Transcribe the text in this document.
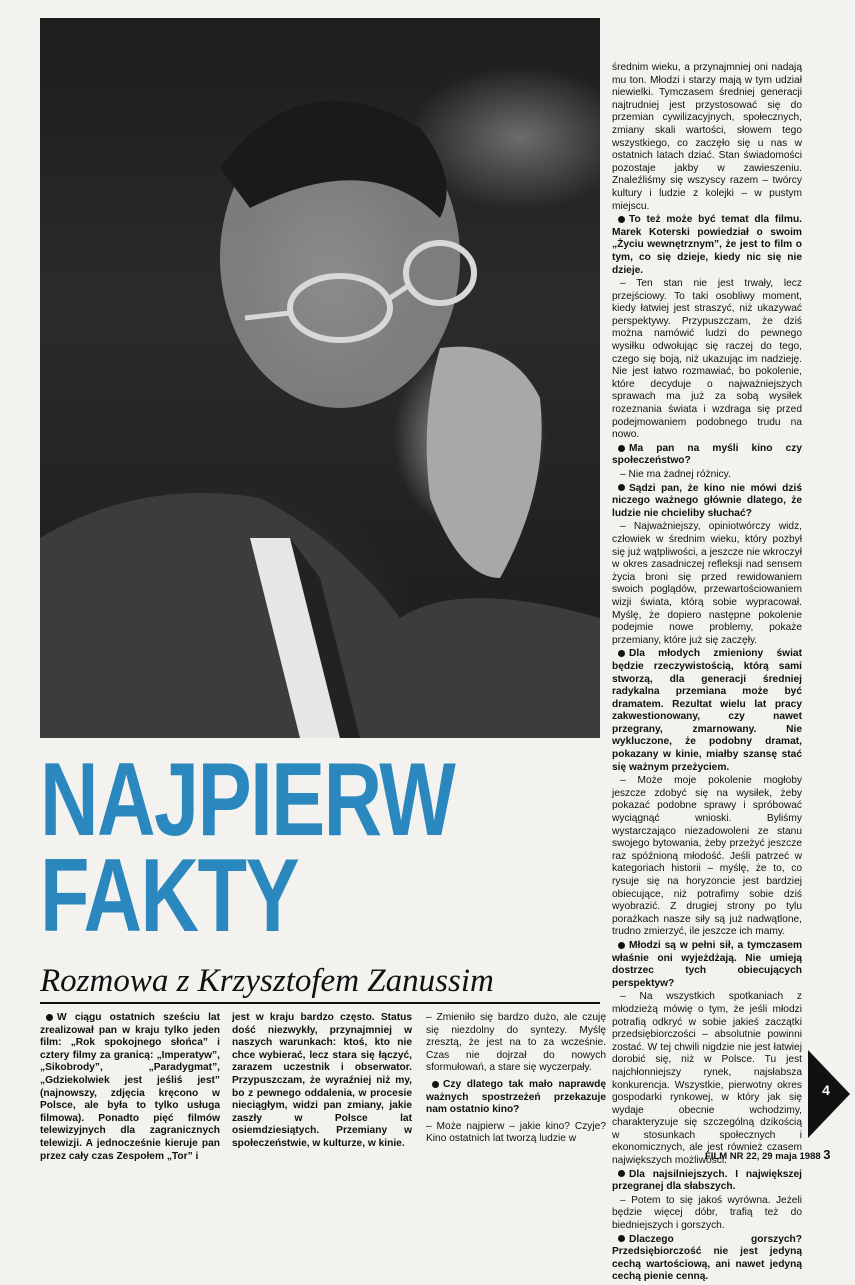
średnim wieku, a przynajmniej oni nadają mu ton. Młodzi i starzy mają w tym udział niewielki. Tymczasem średniej generacji najtrudniej jest przystosować się do przemian cywilizacyjnych, społecznych, zmiany skali wartości, słowem tego wszystkiego, co zaczęło się u nas w ostatnich latach dziać. Stan świadomości pozostaje jakby w zawieszeniu. Znaleźliśmy się wszyscy razem – twórcy kultury i ludzie z kolejki – w pustym miejscu.

To też może być temat dla filmu. Marek Koterski powiedział o swoim „Życiu wewnętrznym”, że jest to film o tym, co się dzieje, kiedy nic się nie dzieje.

– Ten stan nie jest trwały, lecz przejściowy. To taki osobliwy moment, kiedy łatwiej jest straszyć, niż ukazywać perspektywy. Przypuszczam, że dziś można namówić ludzi do pewnego wysiłku odwołując się raczej do tego, czego się boją, niż ukazując im nadzieję. Nie jest łatwo rozmawiać, bo pokolenie, które decyduje o najważniejszych sprawach ma już za sobą wysiłek rozeznania świata i wzdraga się przed podejmowaniem podobnego trudu na nowo.

Ma pan na myśli kino czy społeczeństwo?

– Nie ma żadnej różnicy.

Sądzi pan, że kino nie mówi dziś niczego ważnego głównie dlatego, że ludzie nie chcieliby słuchać?

– Najważniejszy, opiniotwórczy widz, człowiek w średnim wieku, który pozbył się już wątpliwości, a jeszcze nie wkroczył w okres zasadniczej refleksji nad sensem życia broni się przed rewidowaniem swoich poglądów, przewartościowaniem wizji świata, którą sobie wypracował. Myślę, że dopiero następne pokolenie podejmie nowe problemy, pokaże przemiany, które już się zaczęły.

Dla młodych zmieniony świat będzie rzeczywistością, którą sami stworzą, dla generacji średniej radykalna przemiana może być dramatem. Rezultat wielu lat pracy zakwestionowany, czy nawet przegrany, zmarnowany. Nie wykluczone, że podobny dramat, pokazany w kinie, miałby szansę stać się ważnym przeżyciem.

– Może moje pokolenie mogłoby jeszcze zdobyć się na wysiłek, żeby pokazać podobne sprawy i spróbować wyciągnąć wnioski. Byliśmy wystarczająco niezadowoleni ze stanu swojego bytowania, żeby przeżyć jeszcze raz spóźnioną młodość. Jeśli patrzeć w kategoriach historii – myślę, że to, co rysuje się na horyzoncie jest bardziej obiecujące, niż potrafimy sobie dziś wyobrazić. Z drugiej strony po tylu porażkach nasze siły są już nadwątlone, trudno zmierzyć, ile jeszcze ich mamy.

Młodzi są w pełni sił, a tymczasem właśnie oni wyjeżdżają. Nie umieją dostrzec tych obiecujących perspektyw?

– Na wszystkich spotkaniach z młodzieżą mówię o tym, że jeśli młodzi potrafią odkryć w sobie jakieś zaczątki przedsiębiorczości – absolutnie powinni zostać. W tej chwili nigdzie nie jest łatwiej dorobić się, niż w Polsce. Tu jest najchłonniejszy rynek, najsłabsza konkurencja. Wszystkie, pierwotny okres gospodarki rynkowej, w który jak się wydaje obecnie wchodzimy, charakteryzuje się szczególną dzikością w stosunkach społecznych i ekonomicznych, ale jest również czasem największych możliwości.

Dla najsilniejszych. I największej przegranej dla słabszych.

– Potem to się jakoś wyrówna. Jeżeli będzie więcej dóbr, trafią też do biedniejszych i gorszych.

Dlaczego gorszych? Przedsiębiorczość nie jest jedyną cechą wartościową, ani nawet jedyną cechą pienie cenną.

NAJPIERW
FAKTY
Rozmowa z Krzysztofem Zanussim

W ciągu ostatnich sześciu lat zrealizował pan w kraju tylko jeden film: „Rok spokojnego słońca” i cztery filmy za granicą: „Imperatyw”, „Sikobrody”, „Paradygmat”, „Gdziekolwiek jest jeśliś jest” (najnowszy, zdjęcia kręcono w Polsce, ale była to tylko usługa filmowa). Ponadto pięć filmów telewizyjnych dla zagranicznych telewizji. A jednocześnie kieruje pan przez cały czas Zespołem „Tor” i

jest w kraju bardzo często. Status dość niezwykły, przynajmniej w naszych warunkach: ktoś, kto nie chce wybierać, lecz stara się łączyć, zarazem uczestnik i obserwator. Przypuszczam, że wyraźniej niż my, bo z pewnego oddalenia, w procesie nieciągłym, widzi pan zmiany, jakie zaszły w Polsce lat osiemdziesiątych. Przemiany w społeczeństwie, w kulturze, w kinie.

– Zmieniło się bardzo dużo, ale czuję się niezdolny do syntezy. Myślę zresztą, że jest na to za wcześnie. Czas nie dojrzał do nowych sformułowań, a stare się wyczerpały.

Czy dlatego tak mało naprawdę ważnych spostrzeżeń przekazuje nam ostatnio kino?

– Może najpierw – jakie kino? Czyje? Kino ostatnich lat tworzą ludzie w

4
FILM NR 22, 29 maja 1988 3
